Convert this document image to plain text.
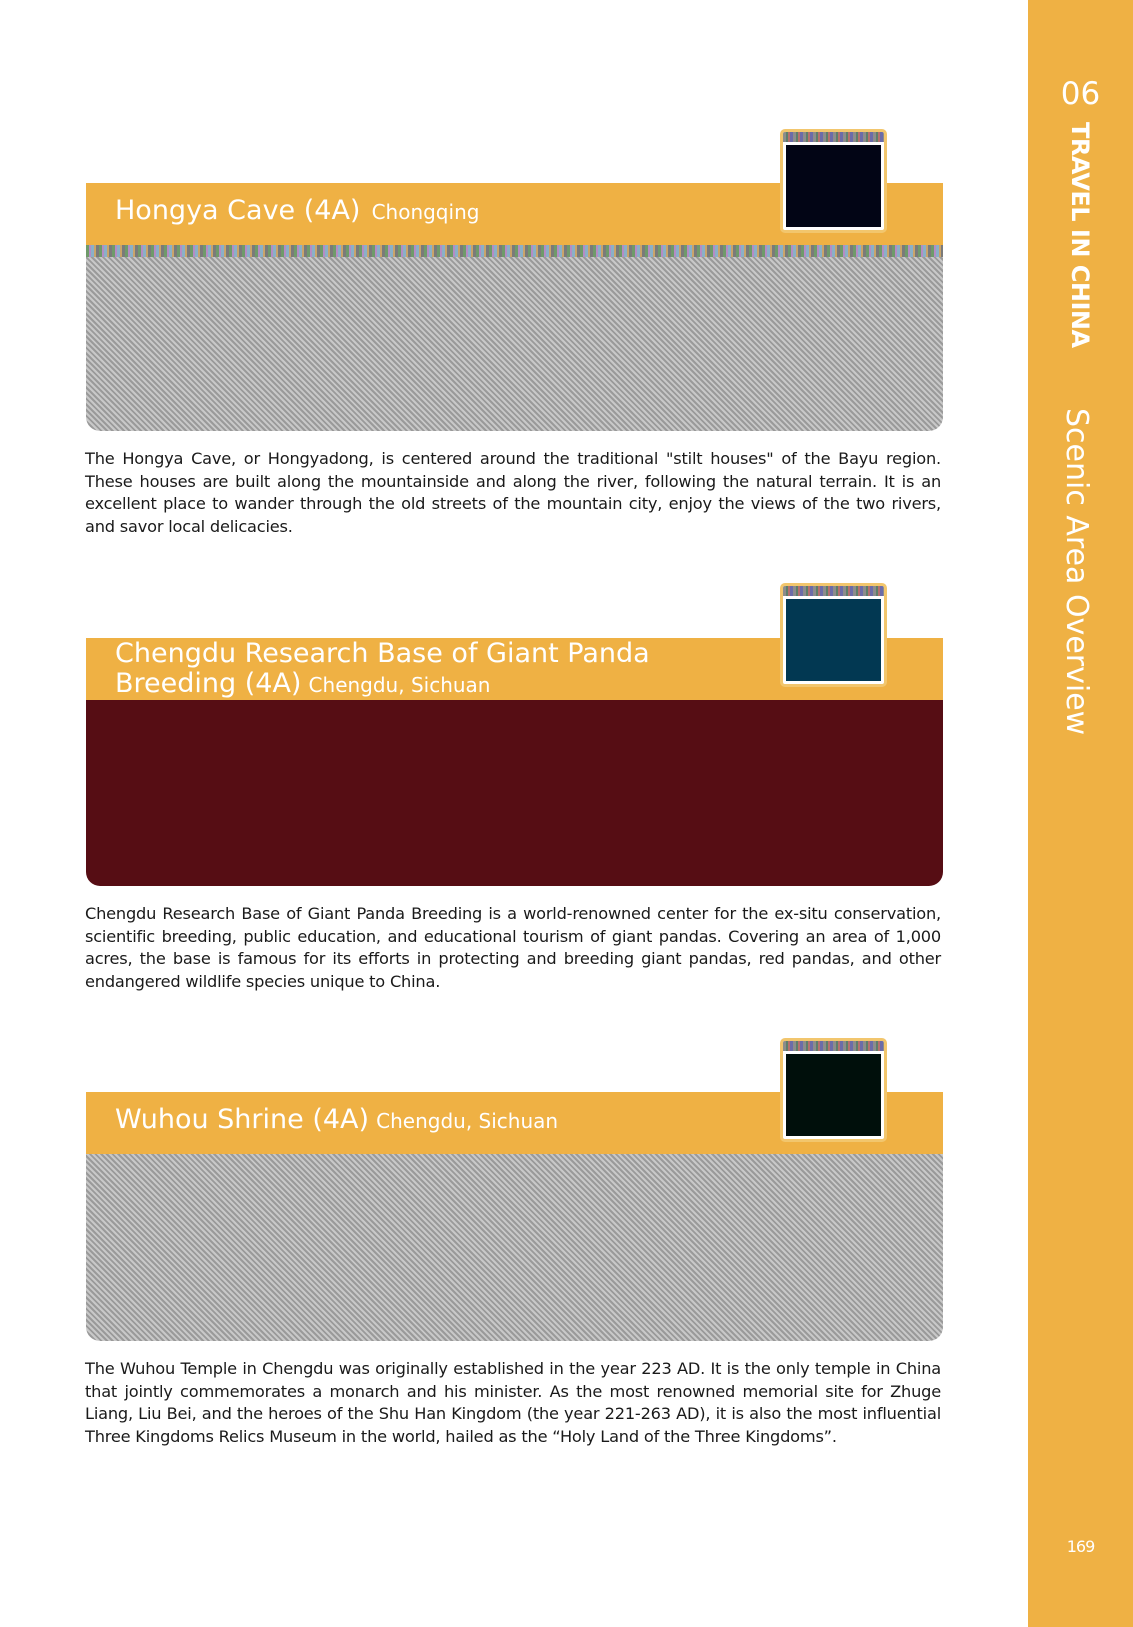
06
TRAVEL IN CHINA
Scenic Area Overview
169
Hongya Cave (4A) Chongqing

The Hongya Cave, or Hongyadong, is centered around the traditional "stilt houses" of the Bayu region. These houses are built along the mountainside and along the river, following the natural terrain. It is an excellent place to wander through the old streets of the mountain city, enjoy the views of the two rivers, and savor local delicacies.

Chengdu Research Base of Giant Panda
Breeding (4A) Chengdu, Sichuan

Chengdu Research Base of Giant Panda Breeding is a world-renowned center for the ex-situ conservation, scientific breeding, public education, and educational tourism of giant pandas. Covering an area of 1,000 acres, the base is famous for its efforts in protecting and breeding giant pandas, red pandas, and other endangered wildlife species unique to China.

Wuhou Shrine (4A) Chengdu, Sichuan

The Wuhou Temple in Chengdu was originally established in the year 223 AD. It is the only temple in China that jointly commemorates a monarch and his minister. As the most renowned memorial site for Zhuge Liang, Liu Bei, and the heroes of the Shu Han Kingdom (the year 221-263 AD), it is also the most influential Three Kingdoms Relics Museum in the world, hailed as the “Holy Land of the Three Kingdoms”.
